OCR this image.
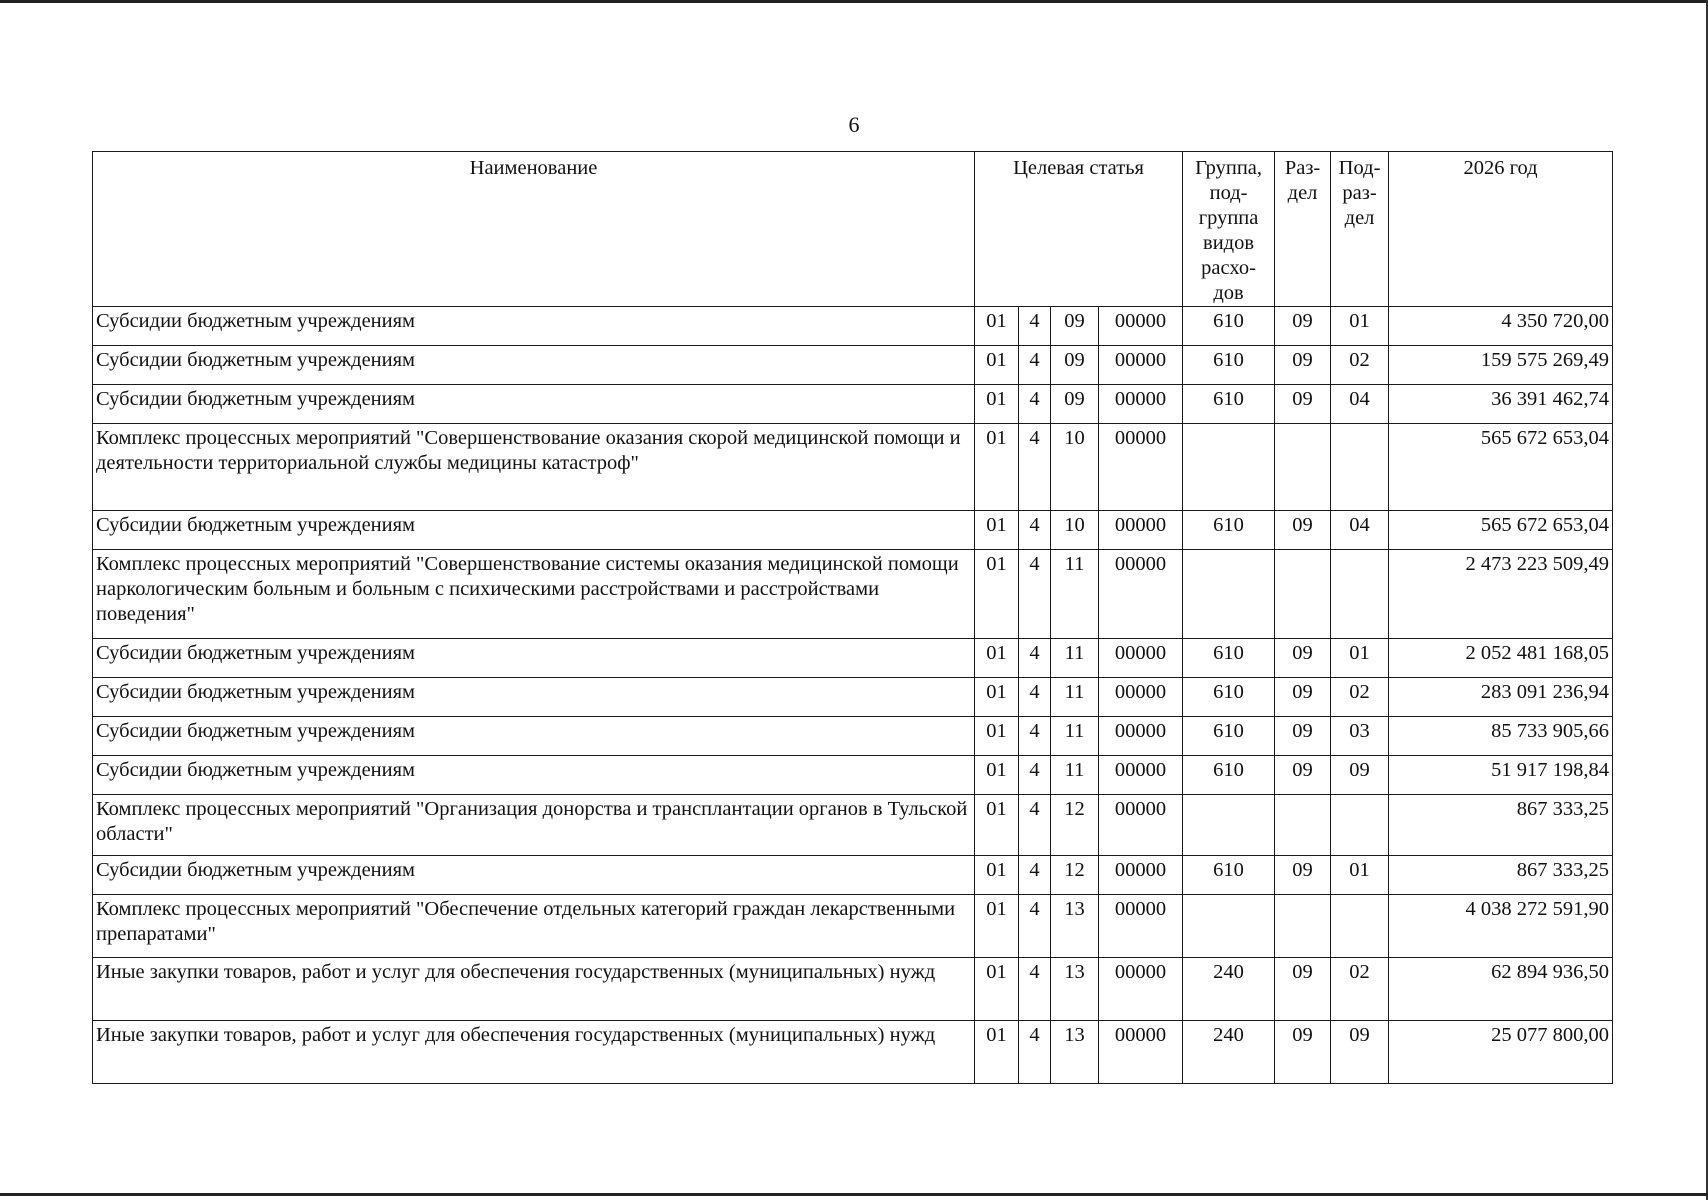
6
Наименование	Целевая статья				Группа, под-группа видов расхо-дов	Раз-дел	Под-раз-дел	2026 год
Субсидии бюджетным учреждениям	01	4	09	00000	610	09	01	4 350 720,00
Субсидии бюджетным учреждениям	01	4	09	00000	610	09	02	159 575 269,49
Субсидии бюджетным учреждениям	01	4	09	00000	610	09	04	36 391 462,74
Комплекс процессных мероприятий "Совершенствование оказания скорой медицинской помощи и деятельности территориальной службы медицины катастроф"	01	4	10	00000				565 672 653,04
Субсидии бюджетным учреждениям	01	4	10	00000	610	09	04	565 672 653,04
Комплекс процессных мероприятий "Совершенствование системы оказания медицинской помощи наркологическим больным и больным с психическими расстройствами и расстройствами поведения"	01	4	11	00000				2 473 223 509,49
Субсидии бюджетным учреждениям	01	4	11	00000	610	09	01	2 052 481 168,05
Субсидии бюджетным учреждениям	01	4	11	00000	610	09	02	283 091 236,94
Субсидии бюджетным учреждениям	01	4	11	00000	610	09	03	85 733 905,66
Субсидии бюджетным учреждениям	01	4	11	00000	610	09	09	51 917 198,84
Комплекс процессных мероприятий "Организация донорства и трансплантации органов в Тульской области"	01	4	12	00000				867 333,25
Субсидии бюджетным учреждениям	01	4	12	00000	610	09	01	867 333,25
Комплекс процессных мероприятий "Обеспечение отдельных категорий граждан лекарственными препаратами"	01	4	13	00000				4 038 272 591,90
Иные закупки товаров, работ и услуг для обеспечения государственных (муниципальных) нужд	01	4	13	00000	240	09	02	62 894 936,50
Иные закупки товаров, работ и услуг для обеспечения государственных (муниципальных) нужд	01	4	13	00000	240	09	09	25 077 800,00
